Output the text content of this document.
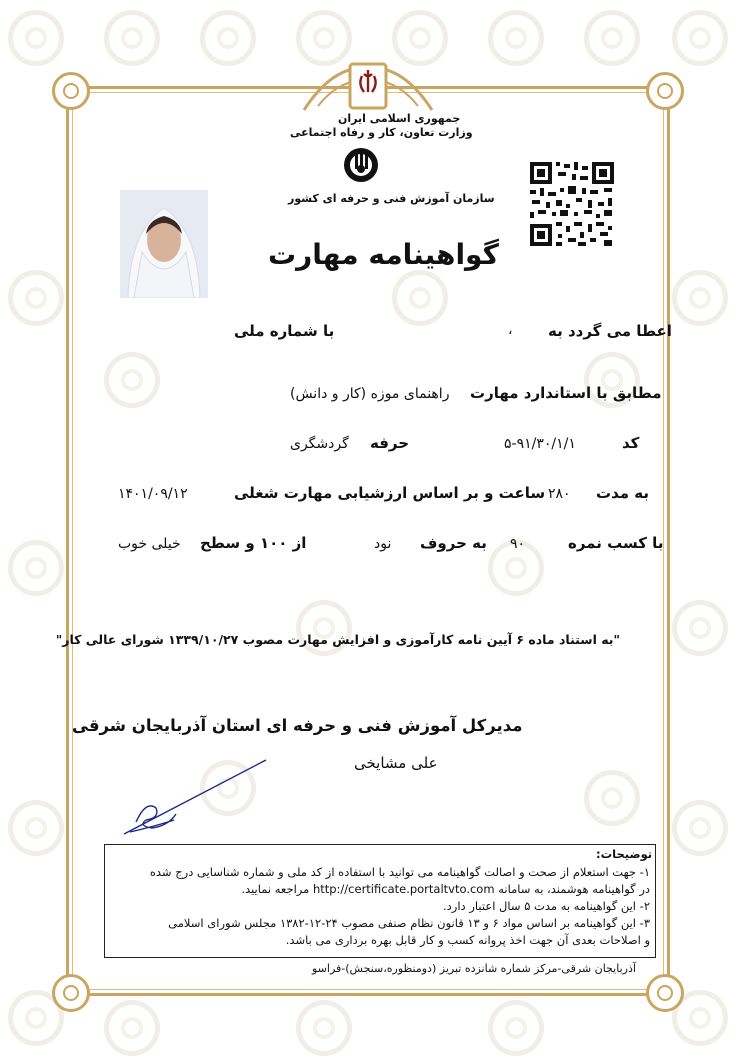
جمهوری اسلامی ایران
وزارت تعاون، کار و رفاه اجتماعی
سازمان آموزش فنی و حرفه ای کشور
گواهینامه مهارت
اعطا می گردد به
،
با شماره ملی
مطابق با استاندارد مهارت
راهنمای موزه (کار و دانش)
کد
۵-۹۱/۳۰/۱/۱
حرفه
گردشگری
به مدت
۲۸۰
ساعت و بر اساس ارزشیابی مهارت شغلی
۱۴۰۱/۰۹/۱۲
با کسب نمره
۹۰
به حروف
نود
از ۱۰۰ و سطح
خیلی خوب
"به استناد ماده ۶ آیین نامه کارآموزی و افزایش مهارت مصوب ۱۳۳۹/۱۰/۲۷ شورای عالی کار"
مدیرکل آموزش فنی و حرفه ای استان آذربایجان شرقی
علی مشایخی
توضیحات:
۱- جهت استعلام از صحت و اصالت گواهینامه می توانید با استفاده از کد ملی و شماره شناسایی درج شده
در گواهینامه هوشمند، به سامانه http://certificate.portaltvto.com مراجعه نمایید.
۲- این گواهینامه به مدت ۵ سال اعتبار دارد.
۳- این گواهینامه بر اساس مواد ۶ و ۱۳ قانون نظام صنفی مصوب ۲۴-۱۲-۱۳۸۲ مجلس شورای اسلامی
و اصلاحات بعدی آن جهت اخذ پروانه کسب و کار قابل بهره برداری می باشد.
آذربایجان شرقی-مرکز شماره شانزده تبریز (دومنظوره،سنجش)-فراسو
